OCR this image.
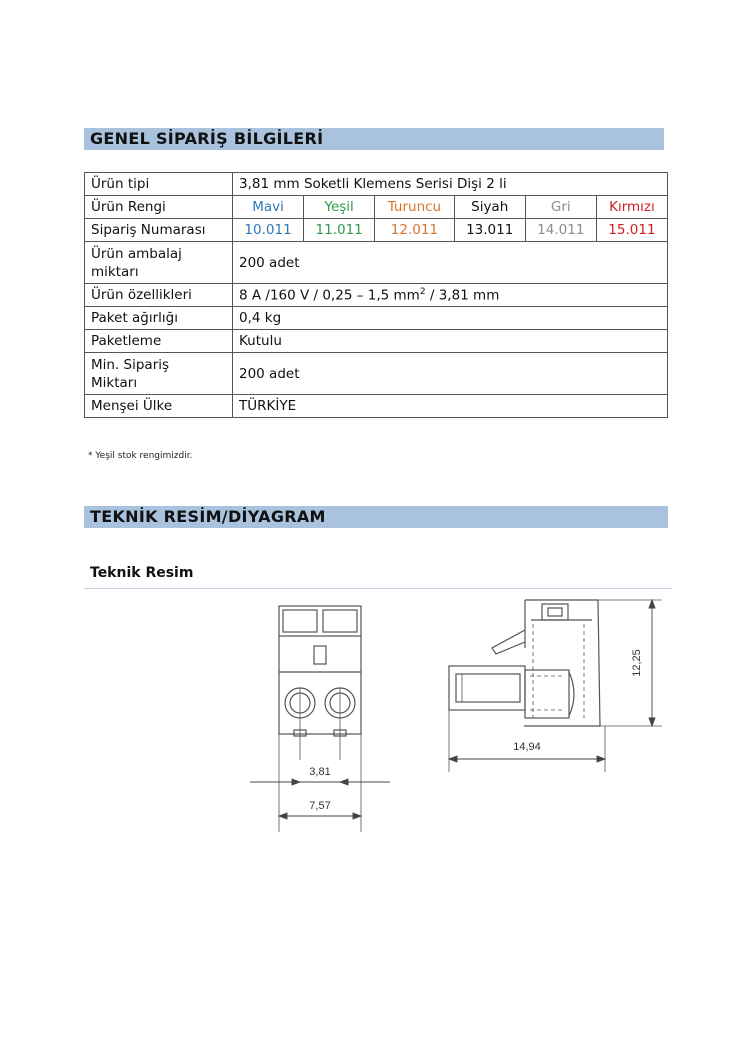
GENEL SİPARİŞ BİLGİLERİ
Ürün tipi	3,81 mm Soketli Klemens Serisi Dişi 2 li					
Ürün Rengi	Mavi	Yeşil	Turuncu	Siyah	Gri	Kırmızı
Sipariş Numarası	10.011	11.011	12.011	13.011	14.011	15.011
Ürün ambalaj
miktarı	200 adet					
Ürün özellikleri	8 A /160 V / 0,25 – 1,5 $mm^2 / 3,81$ mm					
Paket ağırlığı	0,4 kg					
Paketleme	Kutulu					
Min. Sipariş
Miktarı	200 adet					
Menşei Ülke	TÜRKİYE					
* Yeşil stok rengimizdir.
TEKNİK RESİM/DİYAGRAM
Teknik Resim
3,81
7,57
12,25
14,94
